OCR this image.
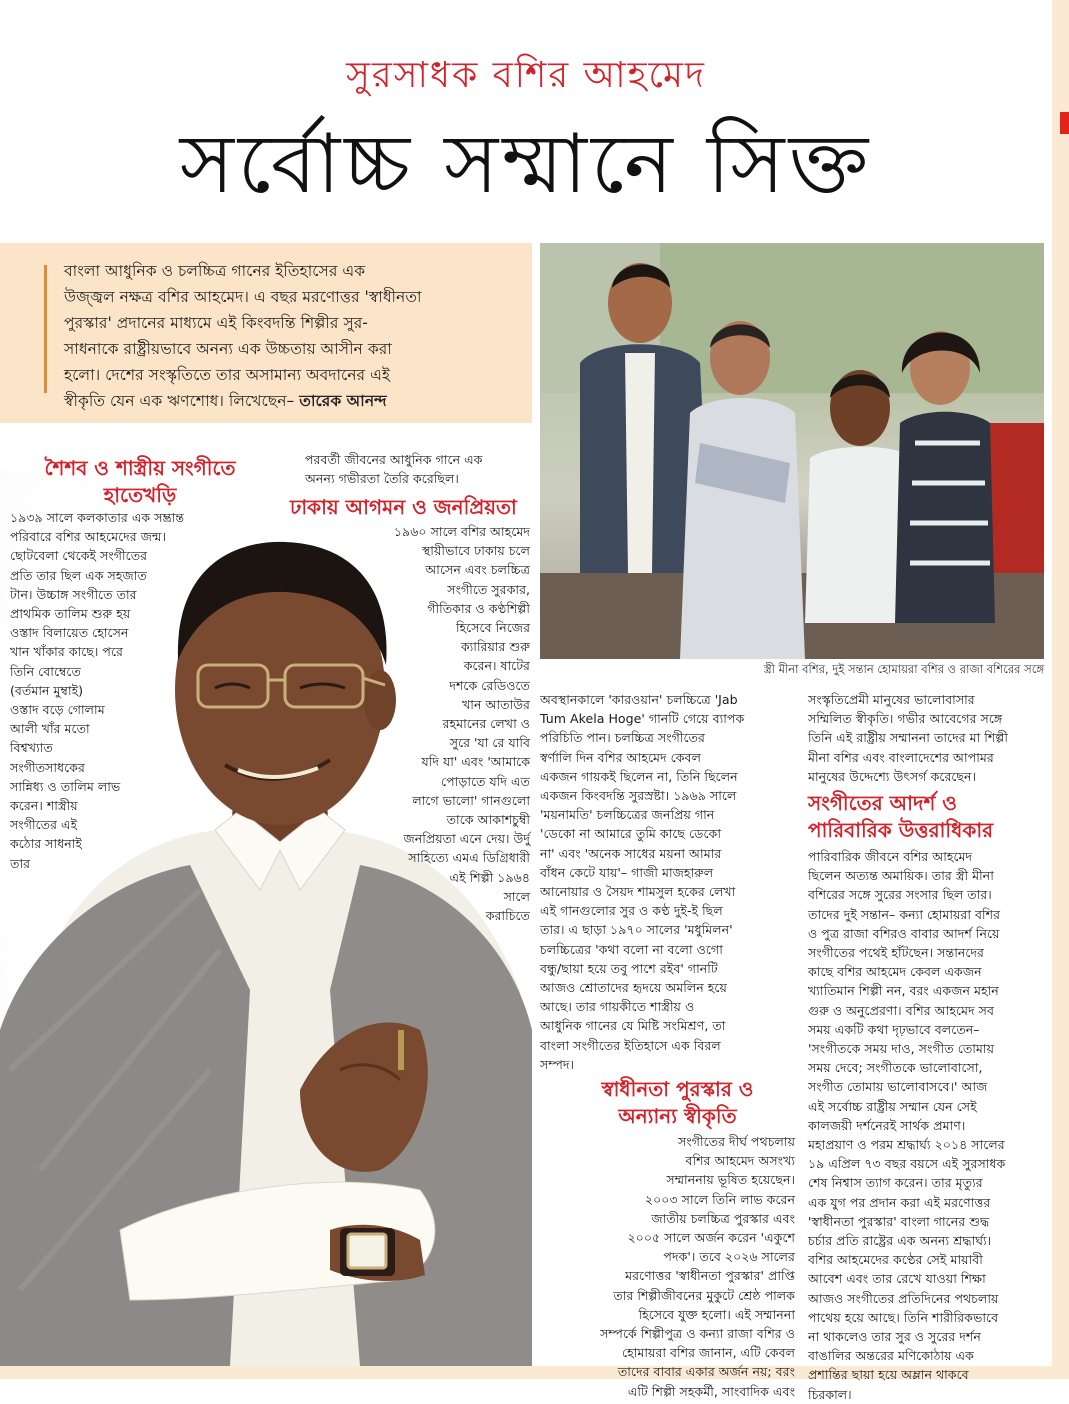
সুরসাধক বশির আহমেদ
সর্বোচ্চ সম্মানে সিক্ত
বাংলা আধুনিক ও চলচ্চিত্র গানের ইতিহাসের এক
উজ্জ্বল নক্ষত্র বশির আহমেদ। এ বছর মরণোত্তর 'স্বাধীনতা
পুরস্কার' প্রদানের মাধ্যমে এই কিংবদন্তি শিল্পীর সুর-
সাধনাকে রাষ্ট্রীয়ভাবে অনন্য এক উচ্চতায় আসীন করা
হলো। দেশের সংস্কৃতিতে তার অসামান্য অবদানের এই
স্বীকৃতি যেন এক ঋণশোধ। লিখেছেন– তারেক আনন্দ
স্ত্রী মীনা বশির, দুই সন্তান হোমায়রা বশির ও রাজা বশিরের সঙ্গে
শৈশব ও শাস্ত্রীয় সংগীতে
হাতেখড়ি
১৯৩৯ সালে কলকাতার এক সম্ভ্রান্ত
পরিবারে বশির আহমেদের জন্ম।
ছোটবেলা থেকেই সংগীতের
প্রতি তার ছিল এক সহজাত
টান। উচ্চাঙ্গ সংগীতে তার
প্রাথমিক তালিম শুরু হয়
ওস্তাদ বিলায়েত হোসেন
খান খাঁকার কাছে। পরে
তিনি বোম্বেতে
(বর্তমান মুম্বাই)
ওস্তাদ বড়ে গোলাম
আলী খাঁর মতো
বিশ্বখ্যাত
সংগীতসাধকের
সান্নিধ্য ও তালিম লাভ
করেন। শাস্ত্রীয়
সংগীতের এই
কঠোর সাধনাই
তার
পরবর্তী জীবনের আধুনিক গানে এক
অনন্য গভীরতা তৈরি করেছিল।
ঢাকায় আগমন ও জনপ্রিয়তা
১৯৬০ সালে বশির আহমেদ
স্থায়ীভাবে ঢাকায় চলে
আসেন এবং চলচ্চিত্র
সংগীতে সুরকার,
গীতিকার ও কণ্ঠশিল্পী
হিসেবে নিজের
ক্যারিয়ার শুরু
করেন। ষাটের
দশকে রেডিওতে
খান আতাউর
রহমানের লেখা ও
সুরে 'যা রে যাবি
যদি যা' এবং 'আমাকে
পোড়াতে যদি এত
লাগে ভালো' গানগুলো
তাকে আকাশচুম্বী
জনপ্রিয়তা এনে দেয়। উর্দু
সাহিত্যে এমএ ডিগ্রিধারী
এই শিল্পী ১৯৬৪
সালে
করাচিতে
অবস্থানকালে 'কারওয়ান' চলচ্চিত্রে 'Jab
Tum Akela Hoge' গানটি গেয়ে ব্যাপক
পরিচিতি পান। চলচ্চিত্র সংগীতের
স্বর্ণালি দিন বশির আহমেদ কেবল
একজন গায়কই ছিলেন না, তিনি ছিলেন
একজন কিংবদন্তি সুরস্রষ্টা। ১৯৬৯ সালে
'ময়নামতি' চলচ্চিত্রের জনপ্রিয় গান
'ডেকো না আমারে তুমি কাছে ডেকো
না' এবং 'অনেক সাধের ময়না আমার
বাঁধন কেটে যায়'– গাজী মাজহারুল
আনোয়ার ও সৈয়দ শামসুল হকের লেখা
এই গানগুলোর সুর ও কণ্ঠ দুই-ই ছিল
তার। এ ছাড়া ১৯৭০ সালের 'মধুমিলন'
চলচ্চিত্রের 'কথা বলো না বলো ওগো
বন্ধু/ছায়া হয়ে তবু পাশে রইব' গানটি
আজও শ্রোতাদের হৃদয়ে অমলিন হয়ে
আছে। তার গায়কীতে শাস্ত্রীয় ও
আধুনিক গানের যে মিষ্টি সংমিশ্রণ, তা
বাংলা সংগীতের ইতিহাসে এক বিরল
সম্পদ।
স্বাধীনতা পুরস্কার ও
অন্যান্য স্বীকৃতি
সংগীতের দীর্ঘ পথচলায়
বশির আহমেদ অসংখ্য
সম্মাননায় ভূষিত হয়েছেন।
২০০৩ সালে তিনি লাভ করেন
জাতীয় চলচ্চিত্র পুরস্কার এবং
২০০৫ সালে অর্জন করেন 'একুশে
পদক'। তবে ২০২৬ সালের
মরণোত্তর 'স্বাধীনতা পুরস্কার' প্রাপ্তি
তার শিল্পীজীবনের মুকুটে শ্রেষ্ঠ পালক
হিসেবে যুক্ত হলো। এই সম্মাননা
সম্পর্কে শিল্পীপুত্র ও কন্যা রাজা বশির ও
হোমায়রা বশির জানান, এটি কেবল
তাদের বাবার একার অর্জন নয়; বরং
এটি শিল্পী সহকর্মী, সাংবাদিক এবং
সংস্কৃতিপ্রেমী মানুষের ভালোবাসার
সম্মিলিত স্বীকৃতি। গভীর আবেগের সঙ্গে
তিনি এই রাষ্ট্রীয় সম্মাননা তাদের মা শিল্পী
মীনা বশির এবং বাংলাদেশের আপামর
মানুষের উদ্দেশ্যে উৎসর্গ করেছেন।
সংগীতের আদর্শ ও
পারিবারিক উত্তরাধিকার
পারিবারিক জীবনে বশির আহমেদ
ছিলেন অত্যন্ত অমায়িক। তার স্ত্রী মীনা
বশিরের সঙ্গে সুরের সংসার ছিল তার।
তাদের দুই সন্তান– কন্যা হোমায়রা বশির
ও পুত্র রাজা বশিরও বাবার আদর্শ নিয়ে
সংগীতের পথেই হাঁটছেন। সন্তানদের
কাছে বশির আহমেদ কেবল একজন
খ্যাতিমান শিল্পী নন, বরং একজন মহান
গুরু ও অনুপ্রেরণা। বশির আহমেদ সব
সময় একটি কথা দৃঢ়ভাবে বলতেন–
'সংগীতকে সময় দাও, সংগীত তোমায়
সময় দেবে; সংগীতকে ভালোবাসো,
সংগীত তোমায় ভালোবাসবে।' আজ
এই সর্বোচ্চ রাষ্ট্রীয় সম্মান যেন সেই
কালজয়ী দর্শনেরই সার্থক প্রমাণ।
মহাপ্রয়াণ ও পরম শ্রদ্ধার্ঘ্য ২০১৪ সালের
১৯ এপ্রিল ৭৩ বছর বয়সে এই সুরসাধক
শেষ নিশ্বাস ত্যাগ করেন। তার মৃত্যুর
এক যুগ পর প্রদান করা এই মরণোত্তর
'স্বাধীনতা পুরস্কার' বাংলা গানের শুদ্ধ
চর্চার প্রতি রাষ্ট্রের এক অনন্য শ্রদ্ধার্ঘ্য।
বশির আহমেদের কণ্ঠের সেই মায়াবী
আবেশ এবং তার রেখে যাওয়া শিক্ষা
আজও সংগীতের প্রতিদিনের পথচলায়
পাথেয় হয়ে আছে। তিনি শারীরিকভাবে
না থাকলেও তার সুর ও সুরের দর্শন
বাঙালির অন্তরের মণিকোঠায় এক
প্রশান্তির ছায়া হয়ে অম্লান থাকবে
চিরকাল।
